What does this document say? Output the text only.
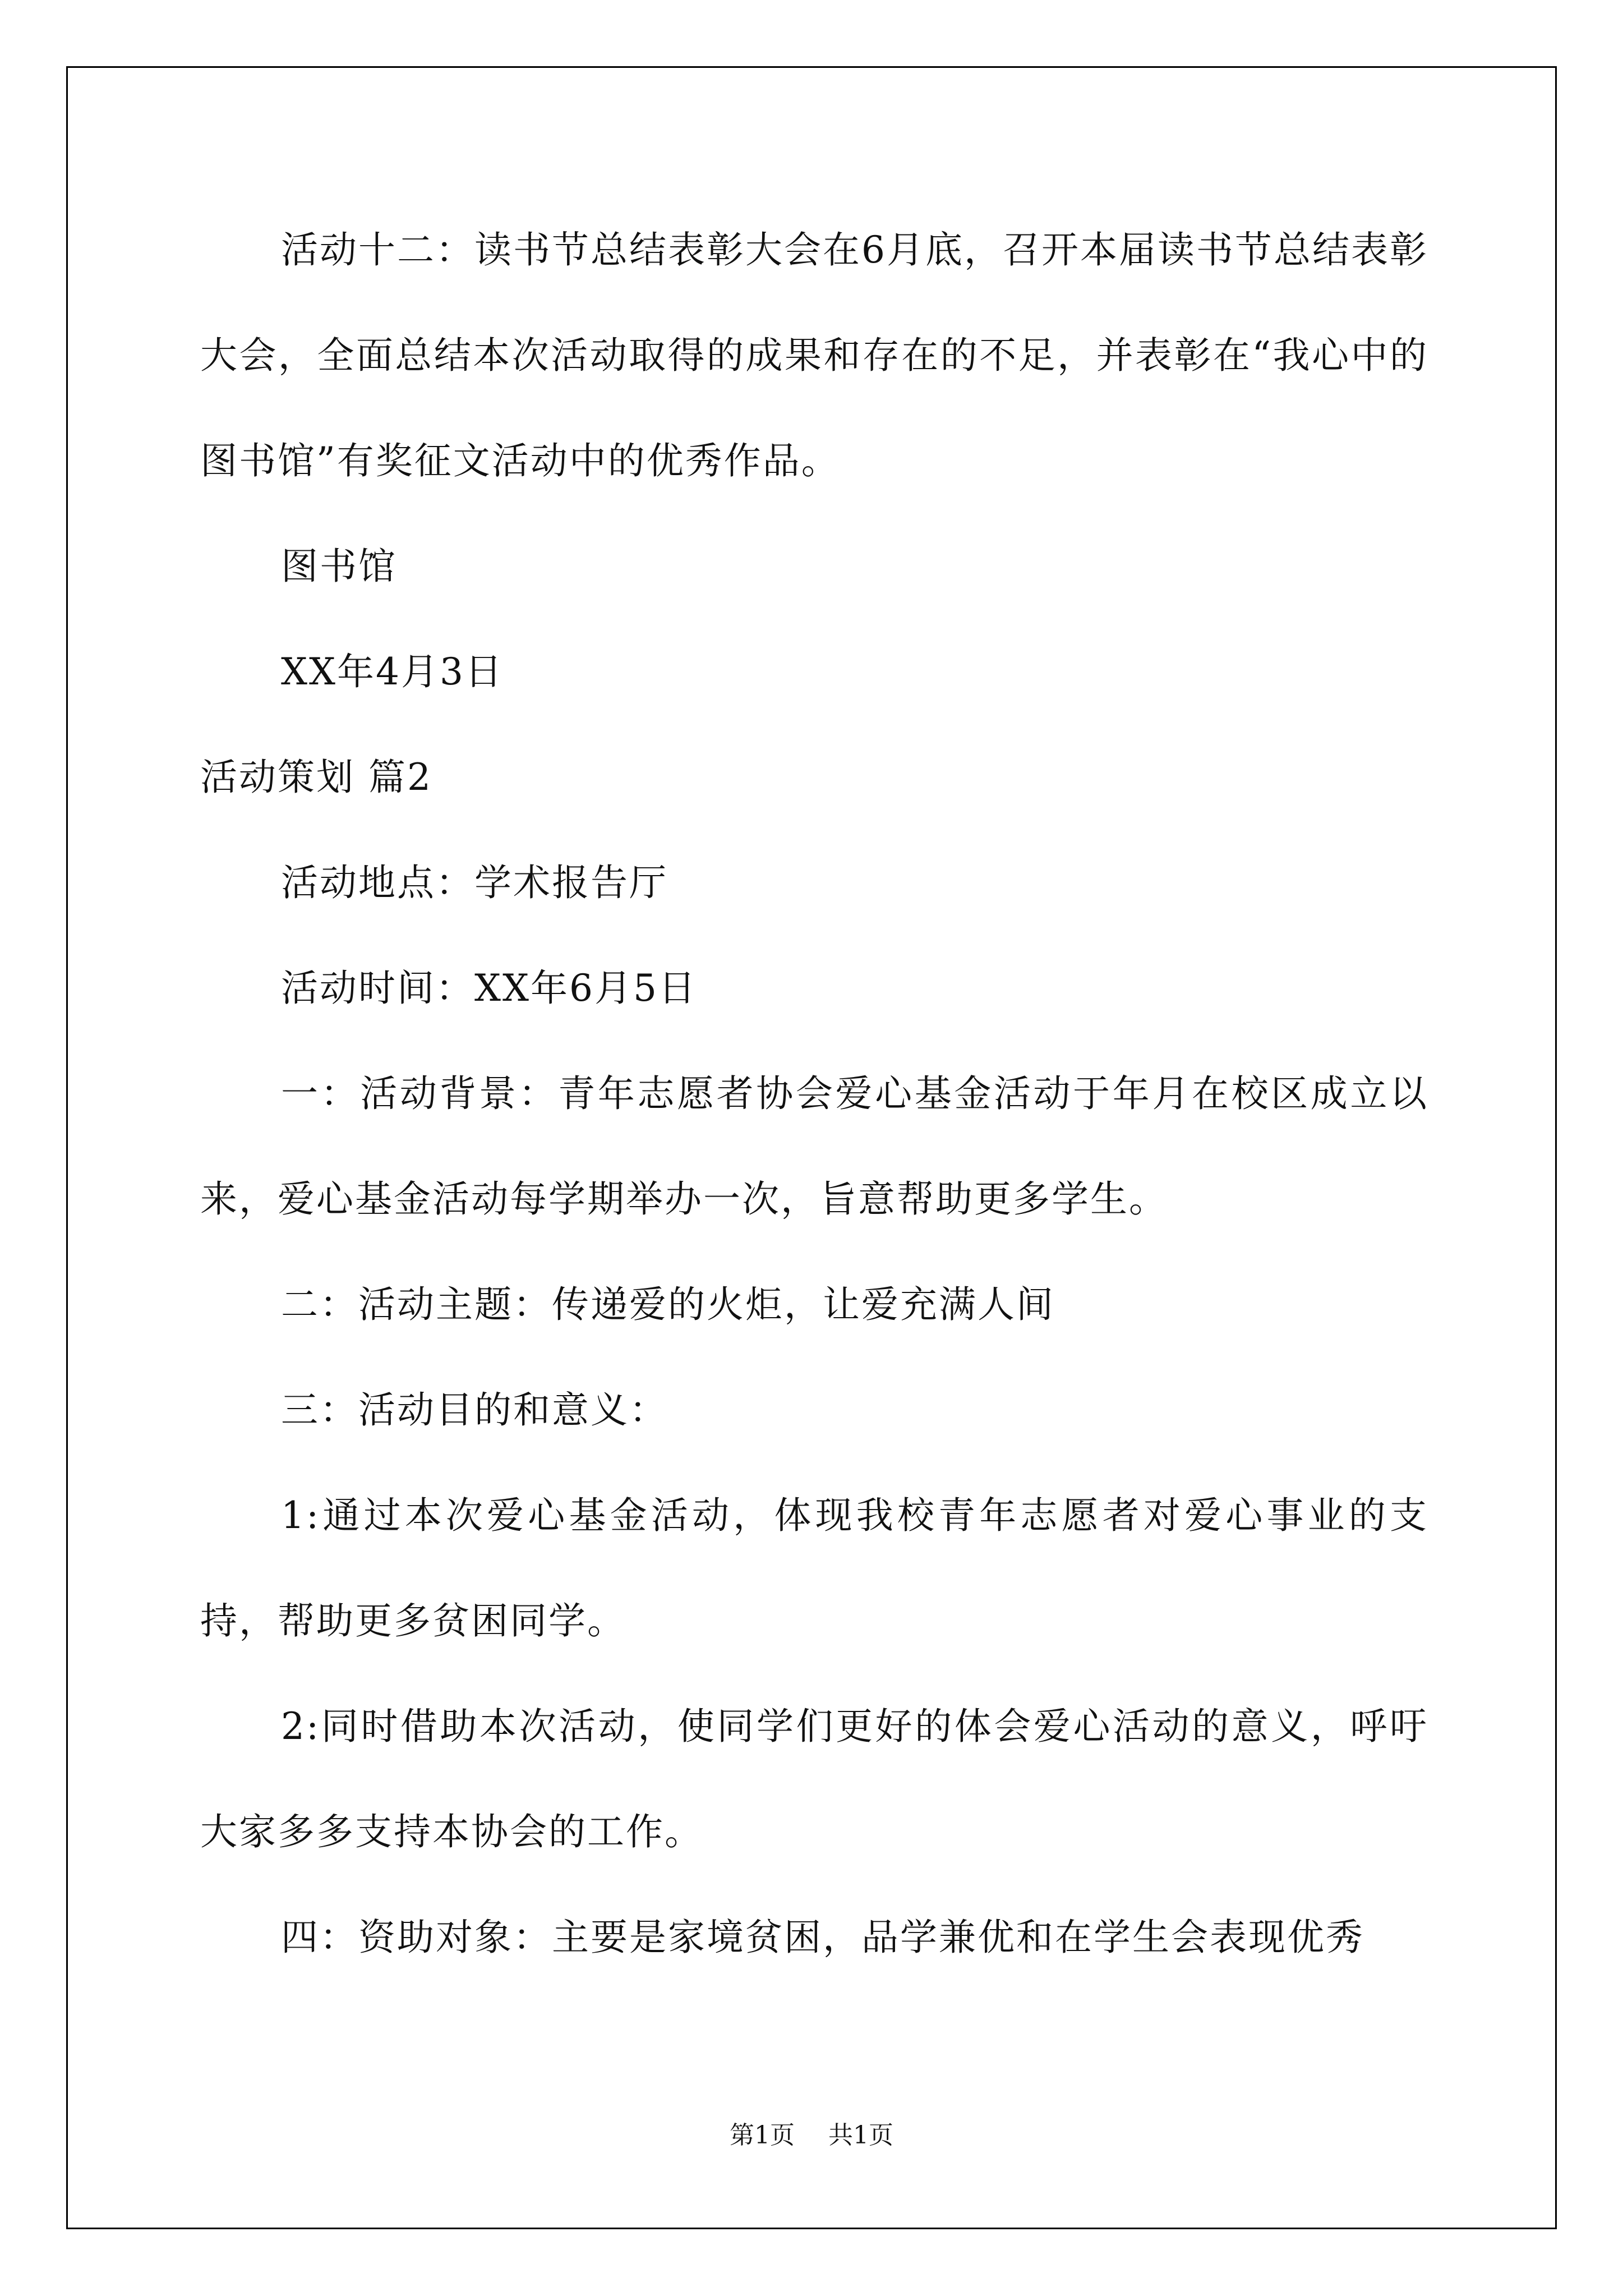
活动十二：读书节总结表彰大会在6月底，召开本届读书节总结表彰大会，全面总结本次活动取得的成果和存在的不足，并表彰在“我心中的图书馆”有奖征文活动中的优秀作品。

图书馆

XX年4月3日

活动策划 篇2

活动地点：学术报告厅

活动时间：XX年6月5日

一：活动背景：青年志愿者协会爱心基金活动于年月在校区成立以来，爱心基金活动每学期举办一次，旨意帮助更多学生。

二：活动主题：传递爱的火炬，让爱充满人间

三：活动目的和意义：

1:通过本次爱心基金活动，体现我校青年志愿者对爱心事业的支持，帮助更多贫困同学。

2:同时借助本次活动，使同学们更好的体会爱心活动的意义，呼吁大家多多支持本协会的工作。

四：资助对象：主要是家境贫困，品学兼优和在学生会表现优秀

第1页 共1页
